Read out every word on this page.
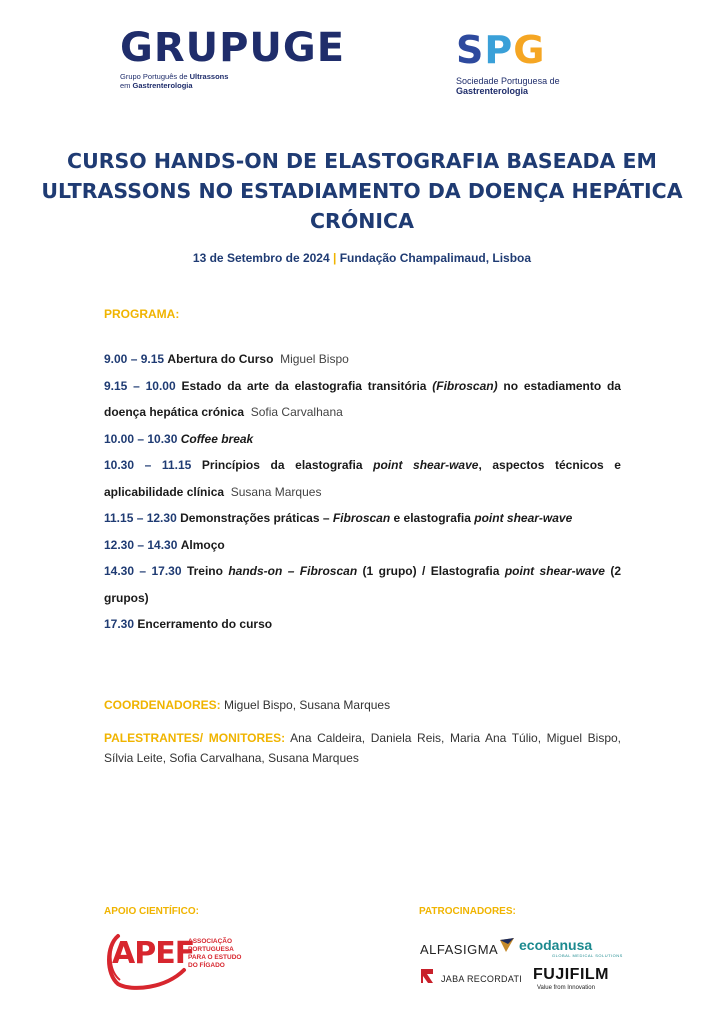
GRUPUGE
Grupo Português de Ultrassons
em Gastrenterologia
SPG
Sociedade Portuguesa de
Gastrenterologia
CURSO HANDS-ON DE ELASTOGRAFIA BASEADA EM ULTRASSONS NO ESTADIAMENTO DA DOENÇA HEPÁTICA CRÓNICA
13 de Setembro de 2024 | Fundação Champalimaud, Lisboa
PROGRAMA:
9.00 – 9.15 Abertura do Curso Miguel Bispo
9.15 – 10.00 Estado da arte da elastografia transitória (Fibroscan) no estadiamento da doença hepática crónica Sofia Carvalhana
10.00 – 10.30 Coffee break
10.30 – 11.15 Princípios da elastografia point shear-wave, aspectos técnicos e aplicabilidade clínica Susana Marques
11.15 – 12.30 Demonstrações práticas – Fibroscan e elastografia point shear-wave
12.30 – 14.30 Almoço
14.30 – 17.30 Treino hands-on – Fibroscan (1 grupo) / Elastografia point shear-wave (2 grupos)
17.30 Encerramento do curso
COORDENADORES: Miguel Bispo, Susana Marques
PALESTRANTES/ MONITORES: Ana Caldeira, Daniela Reis, Maria Ana Túlio, Miguel Bispo, Sílvia Leite, Sofia Carvalhana, Susana Marques
APOIO CIENTÍFICO:	PATROCINADORES:
APEF
ASSOCIAÇÃO PORTUGUESA PARA O ESTUDO DO FÍGADO
ALFASIGMA ecodanusa
GLOBAL MEDICAL SOLUTIONS
JABA RECORDATI FUJIFILM
Value from Innovation
